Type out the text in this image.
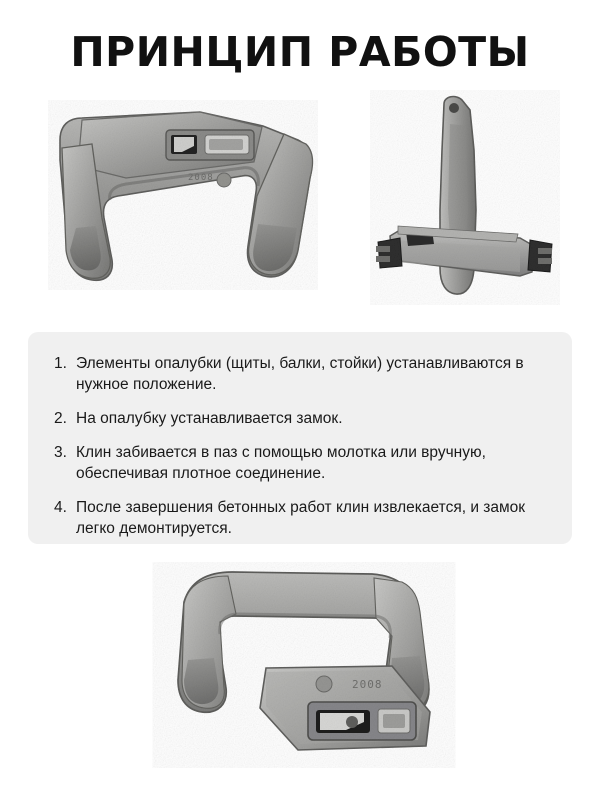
ПРИНЦИП РАБОТЫ
2008
1. Элементы опалубки (щиты, балки, стойки) устанавливаются в нужное положение.
2. На опалубку устанавливается замок.
3. Клин забивается в паз с помощью молотка или вручную, обеспечивая плотное соединение.
4. После завершения бетонных работ клин извлекается, и замок легко демонтируется.
2008
